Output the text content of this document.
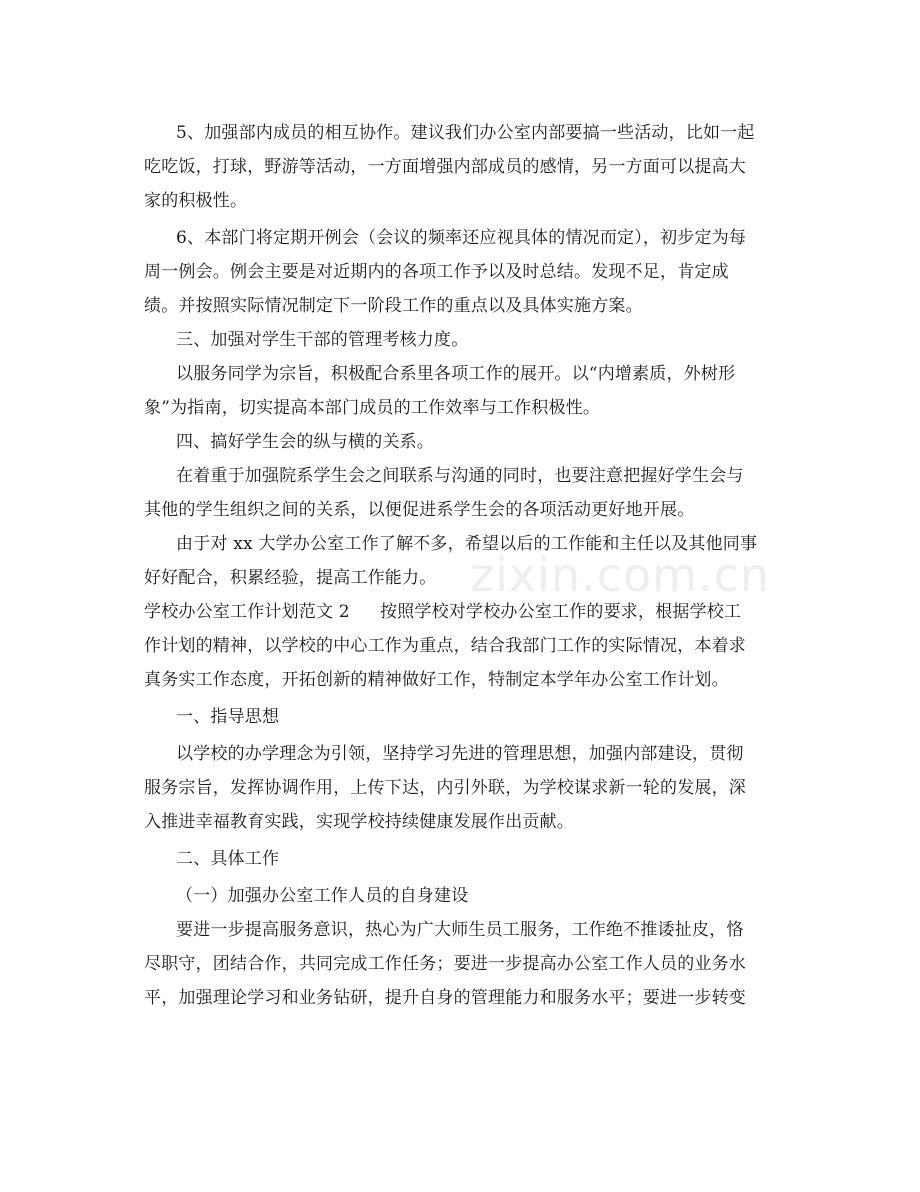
zixin.com.cn
5、加强部内成员的相互协作。建议我们办公室内部要搞一些活动，比如一起
吃吃饭，打球，野游等活动，一方面增强内部成员的感情，另一方面可以提高大
家的积极性。
6、本部门将定期开例会（会议的频率还应视具体的情况而定），初步定为每
周一例会。例会主要是对近期内的各项工作予以及时总结。发现不足，肯定成
绩。并按照实际情况制定下一阶段工作的重点以及具体实施方案。
三、加强对学生干部的管理考核力度。
以服务同学为宗旨，积极配合系里各项工作的展开。以“内增素质，外树形
象”为指南，切实提高本部门成员的工作效率与工作积极性。
四、搞好学生会的纵与横的关系。
在着重于加强院系学生会之间联系与沟通的同时，也要注意把握好学生会与
其他的学生组织之间的关系，以便促进系学生会的各项活动更好地开展。
由于对 xx 大学办公室工作了解不多，希望以后的工作能和主任以及其他同事
好好配合，积累经验，提高工作能力。
学校办公室工作计划范文 2 按照学校对学校办公室工作的要求，根据学校工
作计划的精神，以学校的中心工作为重点，结合我部门工作的实际情况，本着求
真务实工作态度，开拓创新的精神做好工作，特制定本学年办公室工作计划。
一、指导思想
以学校的办学理念为引领，坚持学习先进的管理思想，加强内部建设，贯彻
服务宗旨，发挥协调作用，上传下达，内引外联，为学校谋求新一轮的发展，深
入推进幸福教育实践，实现学校持续健康发展作出贡献。
二、具体工作
（一）加强办公室工作人员的自身建设
要进一步提高服务意识，热心为广大师生员工服务，工作绝不推诿扯皮，恪
尽职守，团结合作，共同完成工作任务；要进一步提高办公室工作人员的业务水
平，加强理论学习和业务钻研，提升自身的管理能力和服务水平；要进一步转变
